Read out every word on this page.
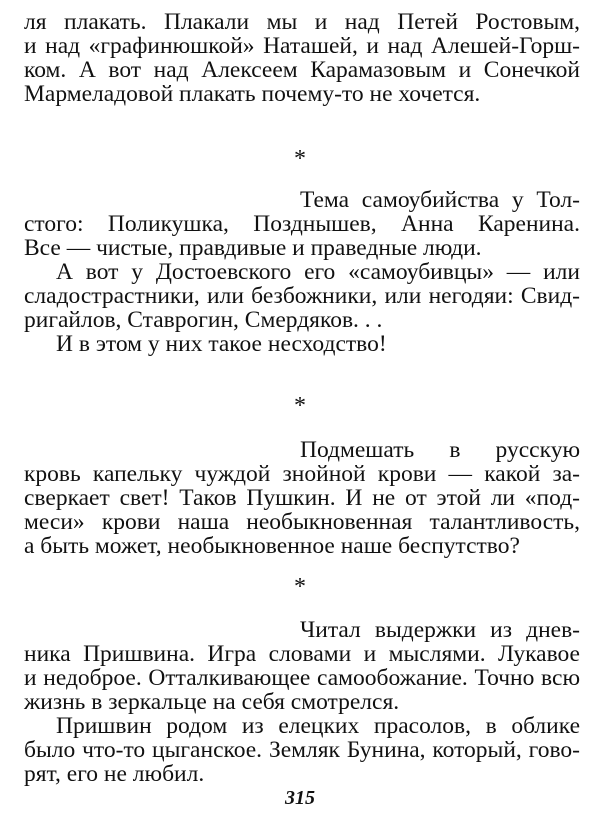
ля плакать. Плакали мы и над Петей Ростовым,
и над «графинюшкой» Наташей, и над Алешей-Горш-
ком. А вот над Алексеем Карамазовым и Сонечкой
Мармеладовой плакать почему-то не хочется.
*
Тема самоубийства у Тол-
стого: Поликушка, Позднышев, Анна Каренина.
Все — чистые, правдивые и праведные люди.
А вот у Достоевского его «самоубивцы» — или
сладострастники, или безбожники, или негодяи: Свид-
ригайлов, Ставрогин, Смердяков. . .
И в этом у них такое несходство!
*
Подмешать в русскую
кровь капельку чуждой знойной крови — какой за-
сверкает свет! Таков Пушкин. И не от этой ли «под-
меси» крови наша необыкновенная талантливость,
а быть может, необыкновенное наше беспутство?
*
Читал выдержки из днев-
ника Пришвина. Игра словами и мыслями. Лукавое
и недоброе. Отталкивающее самообожание. Точно всю
жизнь в зеркальце на себя смотрелся.
Пришвин родом из елецких прасолов, в облике
было что-то цыганское. Земляк Бунина, который, гово-
рят, его не любил.
315
